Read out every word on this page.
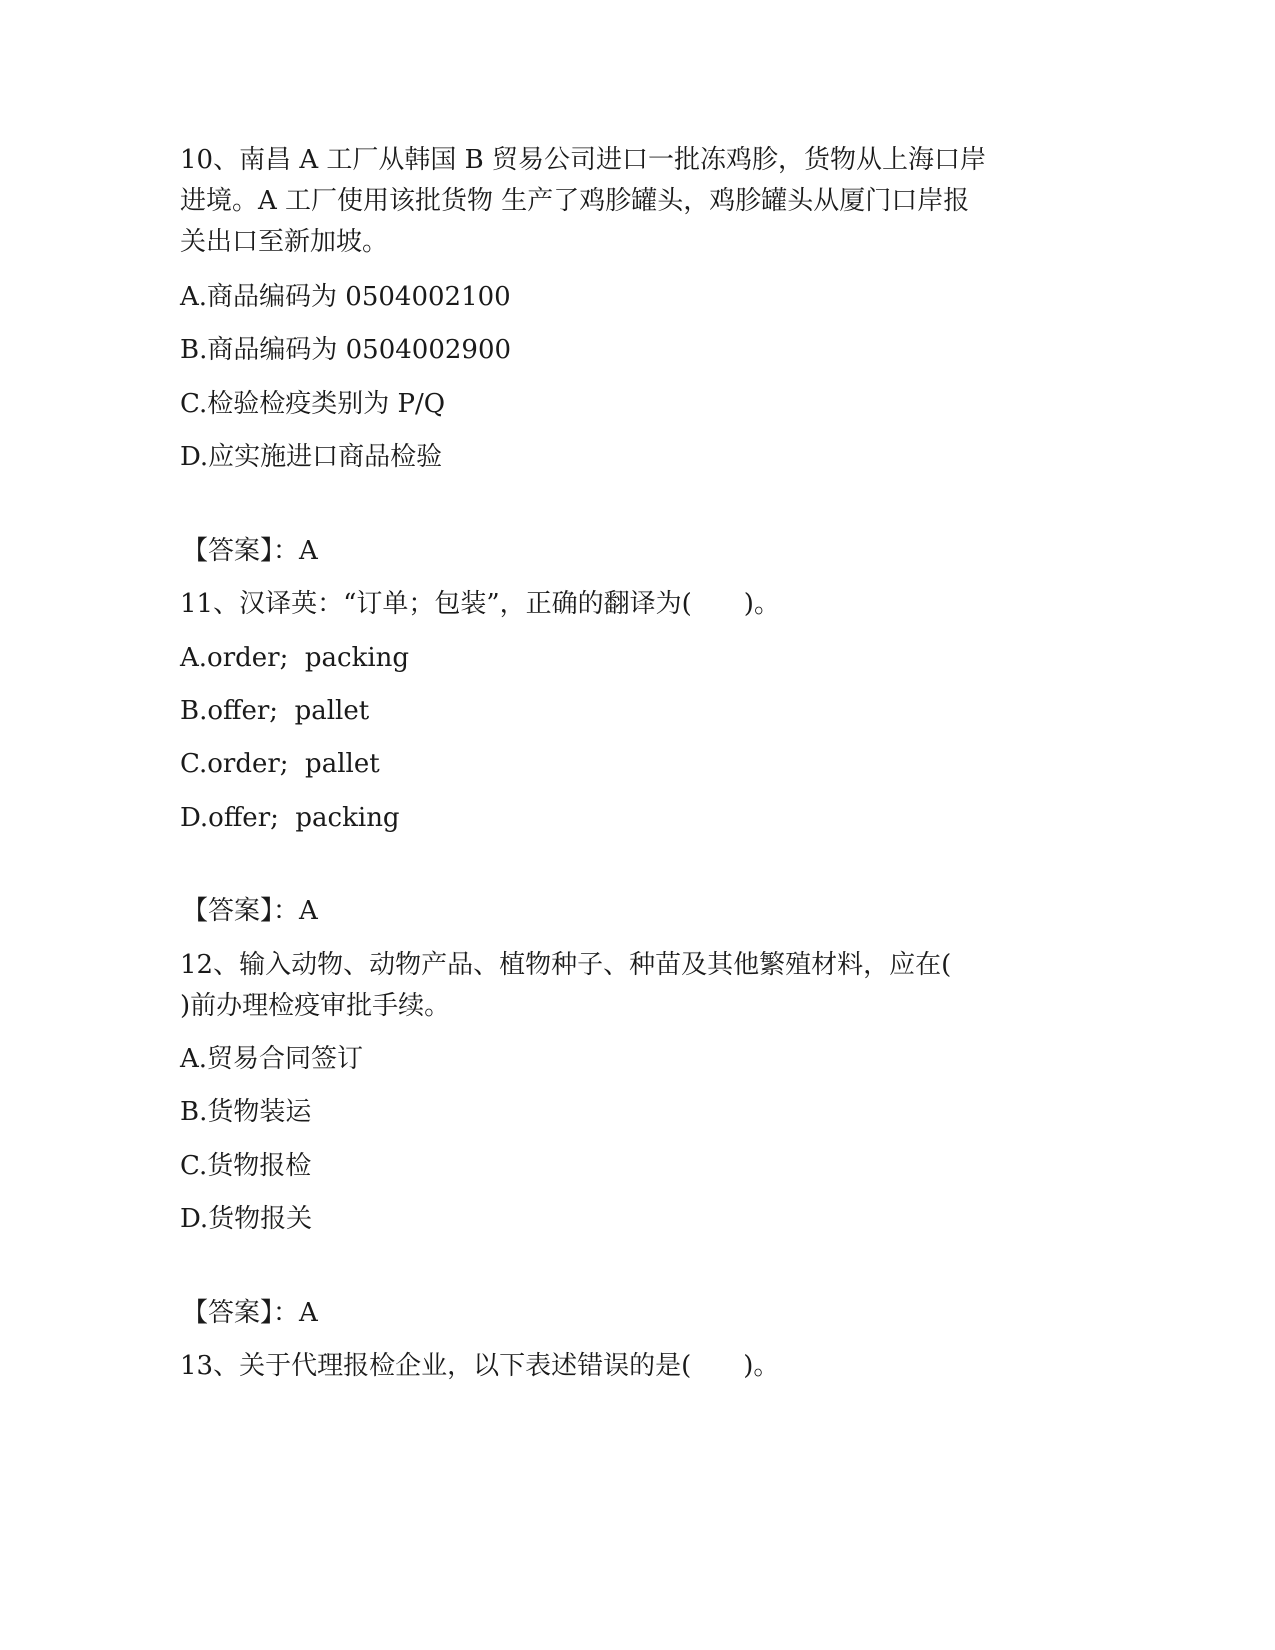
10、南昌 A 工厂从韩国 B 贸易公司进口一批冻鸡胗，货物从上海口岸
进境。A 工厂使用该批货物 生产了鸡胗罐头，鸡胗罐头从厦门口岸报
关出口至新加坡。
A.商品编码为 0504002100
B.商品编码为 0504002900
C.检验检疫类别为 P/Q
D.应实施进口商品检验
【答案】：A
11、汉译英：“订单；包装”，正确的翻译为(　　)。
A.order;  packing
B.offer;  pallet
C.order;  pallet
D.offer;  packing
【答案】：A
12、输入动物、动物产品、植物种子、种苗及其他繁殖材料，应在(
)前办理检疫审批手续。
A.贸易合同签订
B.货物装运
C.货物报检
D.货物报关
【答案】：A
13、关于代理报检企业，以下表述错误的是(　　)。
